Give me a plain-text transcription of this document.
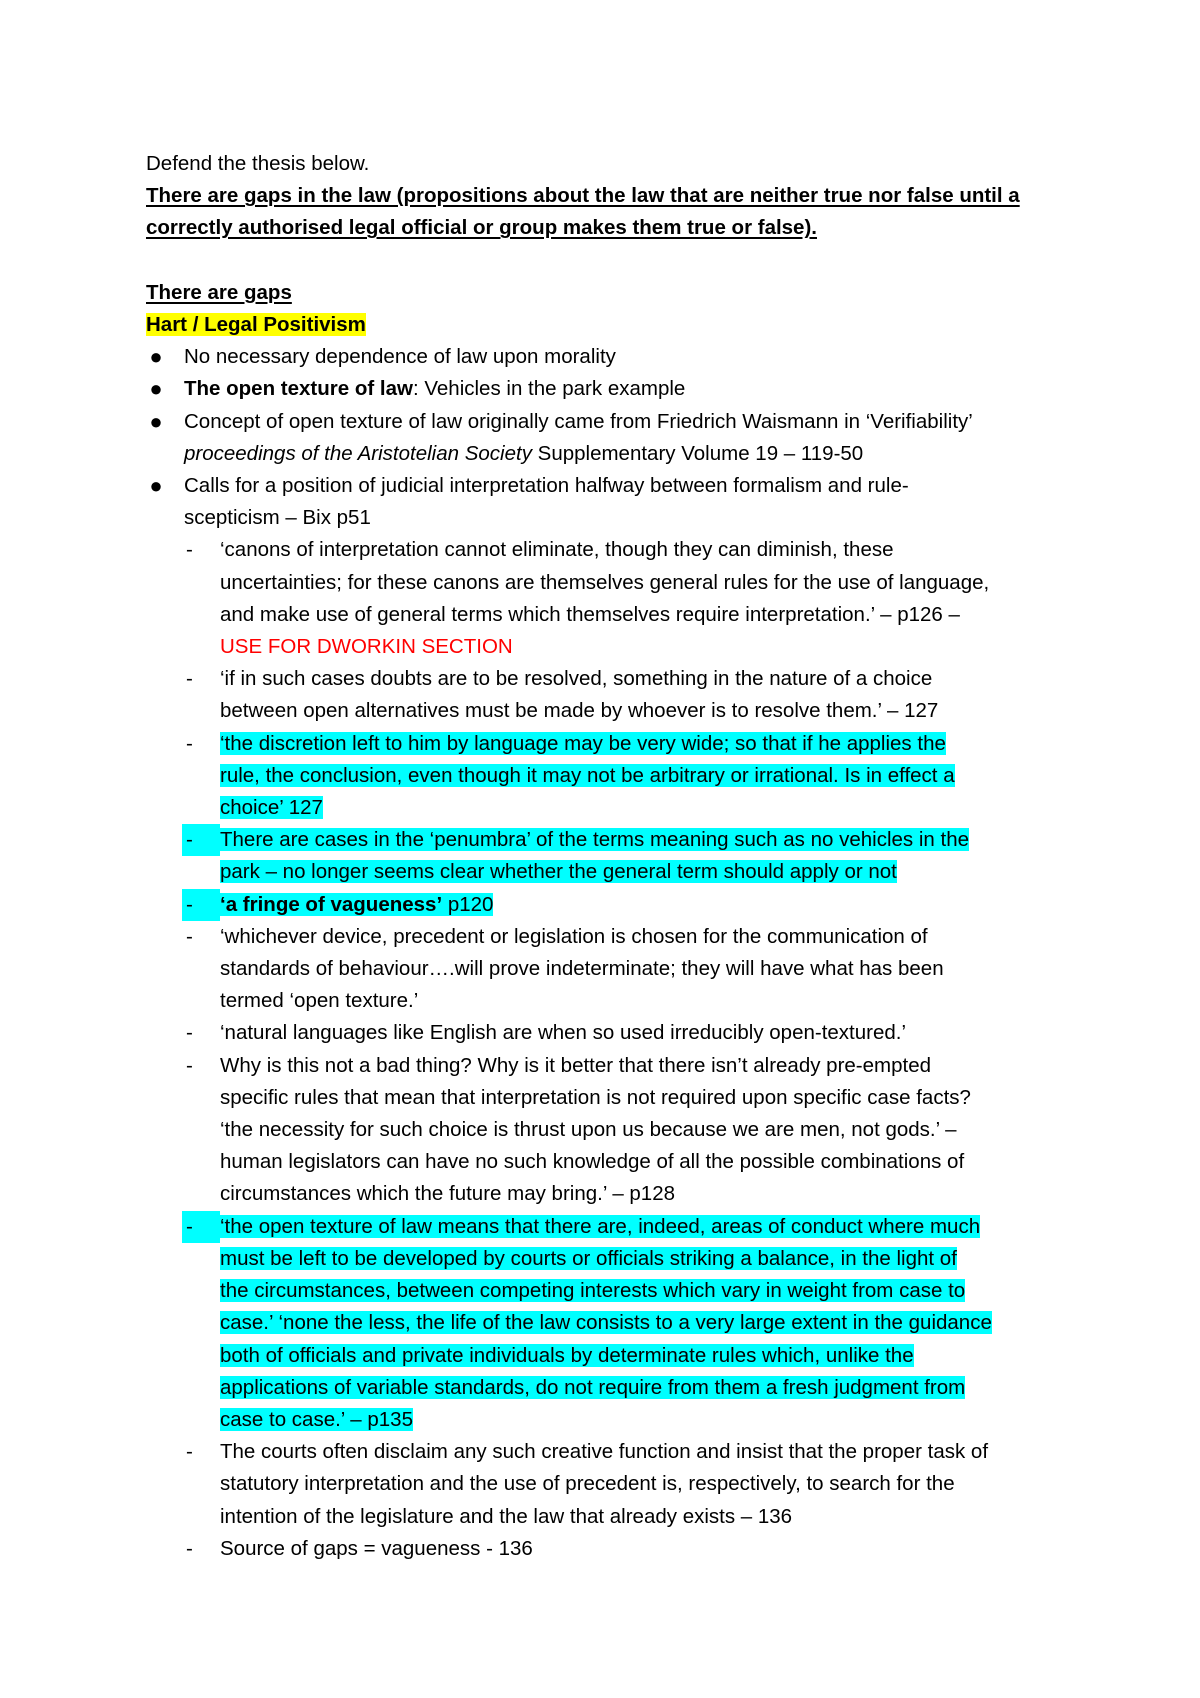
Defend the thesis below.
There are gaps in the law (propositions about the law that are neither true nor false until a
correctly authorised legal official or group makes them true or false).
There are gaps
Hart / Legal Positivism
● No necessary dependence of law upon morality
● The open texture of law: Vehicles in the park example
● Concept of open texture of law originally came from Friedrich Waismann in ‘Verifiability’
proceedings of the Aristotelian Society Supplementary Volume 19 – 119-50
● Calls for a position of judicial interpretation halfway between formalism and rule-
scepticism – Bix p51
-	‘canons of interpretation cannot eliminate, though they can diminish, these
uncertainties; for these canons are themselves general rules for the use of language,
and make use of general terms which themselves require interpretation.’ – p126 –
USE FOR DWORKIN SECTION
-	‘if in such cases doubts are to be resolved, something in the nature of a choice
between open alternatives must be made by whoever is to resolve them.’ – 127
-	‘the discretion left to him by language may be very wide; so that if he applies the
rule, the conclusion, even though it may not be arbitrary or irrational. Is in effect a
choice’ 127
-	There are cases in the ‘penumbra’ of the terms meaning such as no vehicles in the
park – no longer seems clear whether the general term should apply or not
-	‘a fringe of vagueness’ p120
-	‘whichever device, precedent or legislation is chosen for the communication of
standards of behaviour….will prove indeterminate; they will have what has been
termed ‘open texture.’
-	‘natural languages like English are when so used irreducibly open-textured.’
-	Why is this not a bad thing? Why is it better that there isn’t already pre-empted
specific rules that mean that interpretation is not required upon specific case facts?
‘the necessity for such choice is thrust upon us because we are men, not gods.’ –
human legislators can have no such knowledge of all the possible combinations of
circumstances which the future may bring.’ – p128
-	‘the open texture of law means that there are, indeed, areas of conduct where much
must be left to be developed by courts or officials striking a balance, in the light of
the circumstances, between competing interests which vary in weight from case to
case.’ ‘none the less, the life of the law consists to a very large extent in the guidance
both of officials and private individuals by determinate rules which, unlike the
applications of variable standards, do not require from them a fresh judgment from
case to case.’ – p135
-	The courts often disclaim any such creative function and insist that the proper task of
statutory interpretation and the use of precedent is, respectively, to search for the
intention of the legislature and the law that already exists – 136
-	Source of gaps = vagueness - 136
